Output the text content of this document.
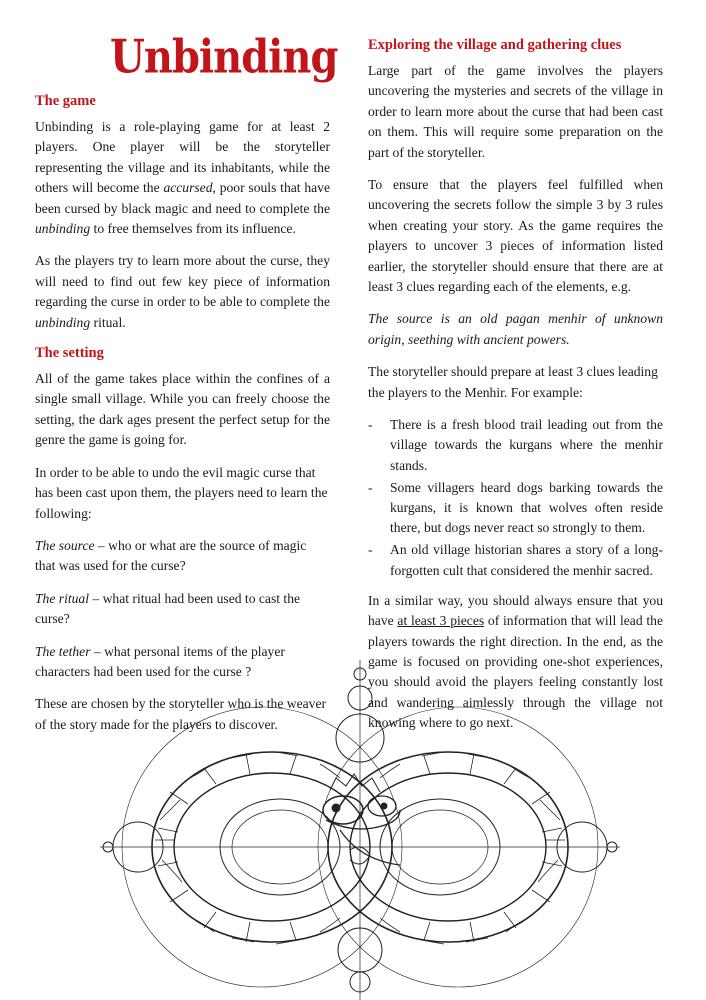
Unbinding
The game

Unbinding is a role-playing game for at least 2 players. One player will be the storyteller representing the village and its inhabitants, while the others will become the accursed, poor souls that have been cursed by black magic and need to complete the unbinding to free themselves from its influence.

As the players try to learn more about the curse, they will need to find out few key piece of information regarding the curse in order to be able to complete the unbinding ritual.

The setting

All of the game takes place within the confines of a single small village. While you can freely choose the setting, the dark ages present the perfect setup for the genre the game is going for.

In order to be able to undo the evil magic curse that has been cast upon them, the players need to learn the following:

The source – who or what are the source of magic that was used for the curse?

The ritual – what ritual had been used to cast the curse?

The tether – what personal items of the player characters had been used for the curse ?

These are chosen by the storyteller who is the weaver of the story made for the players to discover.

Exploring the village and gathering clues

Large part of the game involves the players uncovering the mysteries and secrets of the village in order to learn more about the curse that had been cast on them. This will require some preparation on the part of the storyteller.

To ensure that the players feel fulfilled when uncovering the secrets follow the simple 3 by 3 rules when creating your story. As the game requires the players to uncover 3 pieces of information listed earlier, the storyteller should ensure that there are at least 3 clues regarding each of the elements, e.g.

The source is an old pagan menhir of unknown origin, seething with ancient powers.

The storyteller should prepare at least 3 clues leading the players to the Menhir. For example:

- There is a fresh blood trail leading out from the village towards the kurgans where the menhir stands.
- Some villagers heard dogs barking towards the kurgans, it is known that wolves often reside there, but dogs never react so strongly to them.
- An old village historian shares a story of a long-forgotten cult that considered the menhir sacred.

In a similar way, you should always ensure that you have at least 3 pieces of information that will lead the players towards the right direction. In the end, as the game is focused on providing one-shot experiences, you should avoid the players feeling constantly lost and wandering aimlessly through the village not knowing where to go next.
